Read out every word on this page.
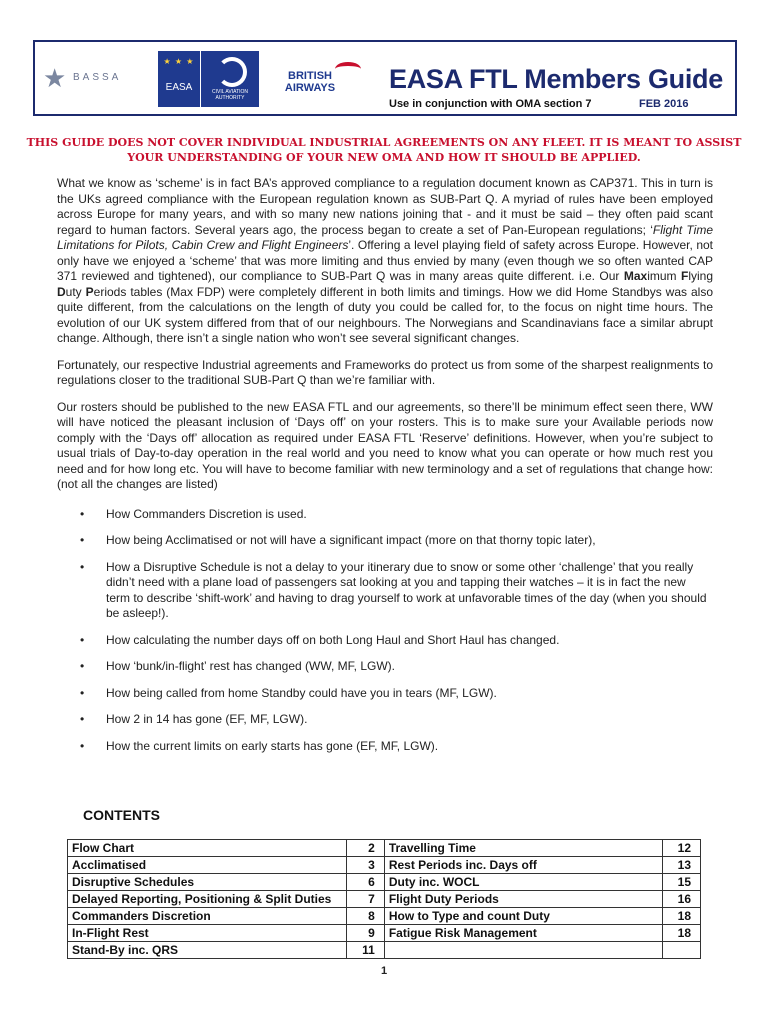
★ BASSA
★ ★ ★
EASA	CIVIL AVIATION AUTHORITY
BRITISH AIRWAYS EASA FTL Members Guide
Use in conjunction with OMA section 7	FEB 2016
THIS GUIDE DOES NOT COVER INDIVIDUAL INDUSTRIAL AGREEMENTS ON ANY FLEET. IT IS MEANT TO ASSIST
YOUR UNDERSTANDING OF YOUR NEW OMA AND HOW IT SHOULD BE APPLIED.

What we know as ‘scheme’ is in fact BA’s approved compliance to a regulation document known as CAP371. This in turn is the UKs agreed compliance with the European regulation known as SUB-Part Q. A myriad of rules have been employed across Europe for many years, and with so many new nations joining that - and it must be said – they often paid scant regard to human factors. Several years ago, the process began to create a set of Pan-European regulations; ‘Flight Time Limitations for Pilots, Cabin Crew and Flight Engineers’. Offering a level playing field of safety across Europe. However, not only have we enjoyed a ‘scheme’ that was more limiting and thus envied by many (even though we so often wanted CAP 371 reviewed and tightened), our compliance to SUB-Part Q was in many areas quite different. i.e. Our Maximum Flying Duty Periods tables (Max FDP) were completely different in both limits and timings. How we did Home Standbys was also quite different, from the calculations on the length of duty you could be called for, to the focus on night time hours. The evolution of our UK system differed from that of our neighbours. The Norwegians and Scandinavians face a similar abrupt change. Although, there isn’t a single nation who won’t see several significant changes.

Fortunately, our respective Industrial agreements and Frameworks do protect us from some of the sharpest realignments to regulations closer to the traditional SUB-Part Q than we’re familiar with.

Our rosters should be published to the new EASA FTL and our agreements, so there’ll be minimum effect seen there, WW will have noticed the pleasant inclusion of ‘Days off’ on your rosters. This is to make sure your Available periods now comply with the ‘Days off’ allocation as required under EASA FTL ‘Reserve’ definitions. However, when you’re subject to usual trials of Day-to-day operation in the real world and you need to know what you can operate or how much rest you need and for how long etc. You will have to become familiar with new terminology and a set of regulations that change how: (not all the changes are listed)

• How Commanders Discretion is used.
• How being Acclimatised or not will have a significant impact (more on that thorny topic later),
• How a Disruptive Schedule is not a delay to your itinerary due to snow or some other ‘challenge’ that you really didn’t need with a plane load of passengers sat looking at you and tapping their watches – it is in fact the new term to describe ‘shift-work’ and having to drag yourself to work at unfavorable times of the day (when you should be asleep!).
• How calculating the number days off on both Long Haul and Short Haul has changed.
• How ‘bunk/in-flight’ rest has changed (WW, MF, LGW).
• How being called from home Standby could have you in tears (MF, LGW).
• How 2 in 14 has gone (EF, MF, LGW).
• How the current limits on early starts has gone (EF, MF, LGW).
CONTENTS
Flow Chart	2	Travelling Time	12
Acclimatised	3	Rest Periods inc. Days off	13
Disruptive Schedules	6	Duty inc. WOCL	15
Delayed Reporting, Positioning & Split Duties	7	Flight Duty Periods	16
Commanders Discretion	8	How to Type and count Duty	18
In-Flight Rest	9	Fatigue Risk Management	18
Stand-By inc. QRS	11		
1
